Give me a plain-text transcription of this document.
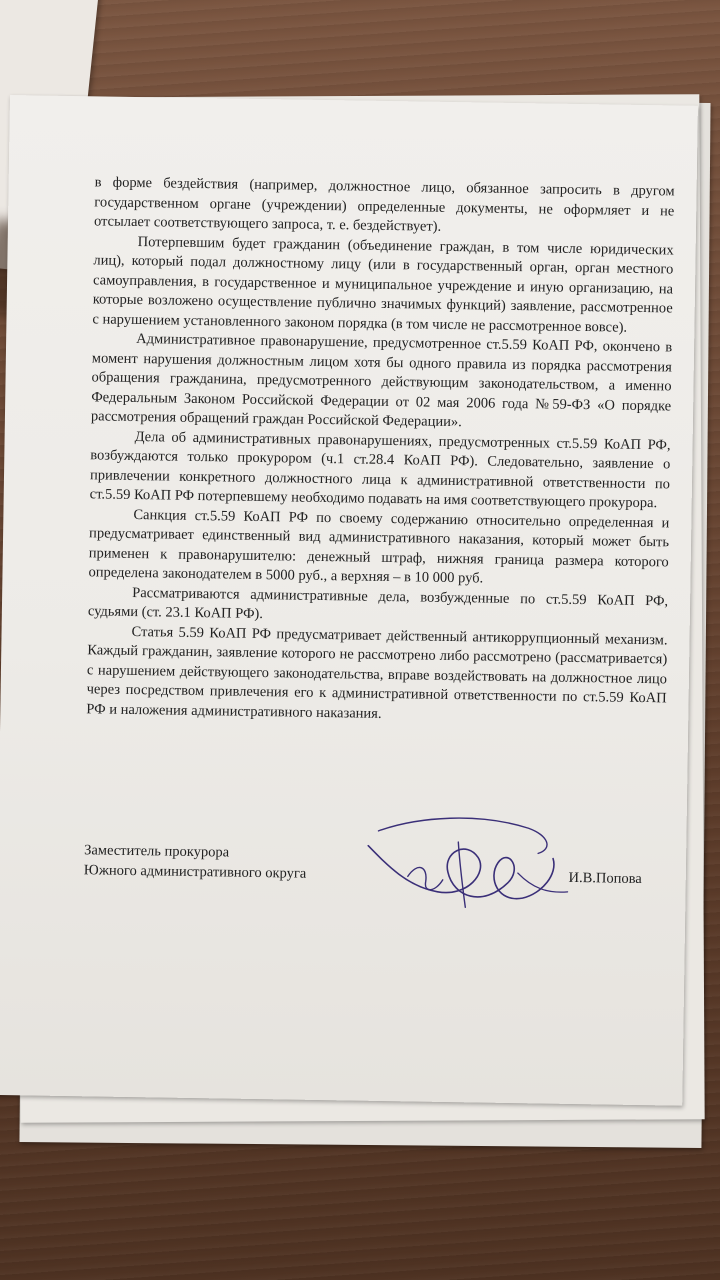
в форме бездействия (например, должностное лицо, обязанное запросить в другом государственном органе (учреждении) определенные документы, не оформляет и не отсылает соответствующего запроса, т. е. бездействует).

Потерпевшим будет гражданин (объединение граждан, в том числе юридических лиц), который подал должностному лицу (или в государственный орган, орган местного самоуправления, в государственное и муниципальное учреждение и иную организацию, на которые возложено осуществление публично значимых функций) заявление, рассмотренное с нарушением установленного законом порядка (в том числе не рассмотренное вовсе).

Административное правонарушение, предусмотренное ст.5.59 КоАП РФ, окончено в момент нарушения должностным лицом хотя бы одного правила из порядка рассмотрения обращения гражданина, предусмотренного действующим законодательством, а именно Федеральным Законом Российской Федерации от 02 мая 2006 года №59-ФЗ «О порядке рассмотрения обращений граждан Российской Федерации».

Дела об административных правонарушениях, предусмотренных ст.5.59 КоАП РФ, возбуждаются только прокурором (ч.1 ст.28.4 КоАП РФ). Следовательно, заявление о привлечении конкретного должностного лица к административной ответственности по ст.5.59 КоАП РФ потерпевшему необходимо подавать на имя соответствующего прокурора.

Санкция ст.5.59 КоАП РФ по своему содержанию относительно определенная и предусматривает единственный вид административного наказания, который может быть применен к правонарушителю: денежный штраф, нижняя граница размера которого определена законодателем в 5000 руб., а верхняя – в 10 000 руб.

Рассматриваются административные дела, возбужденные по ст.5.59 КоАП РФ, судьями (ст. 23.1 КоАП РФ).

Статья 5.59 КоАП РФ предусматривает действенный антикоррупционный механизм. Каждый гражданин, заявление которого не рассмотрено либо рассмотрено (рассматривается) с нарушением действующего законодательства, вправе воздействовать на должностное лицо через посредством привлечения его к административной ответственности по ст.5.59 КоАП РФ и наложения административного наказания.

Заместитель прокурора
Южного административного округа	И.В.Попова
